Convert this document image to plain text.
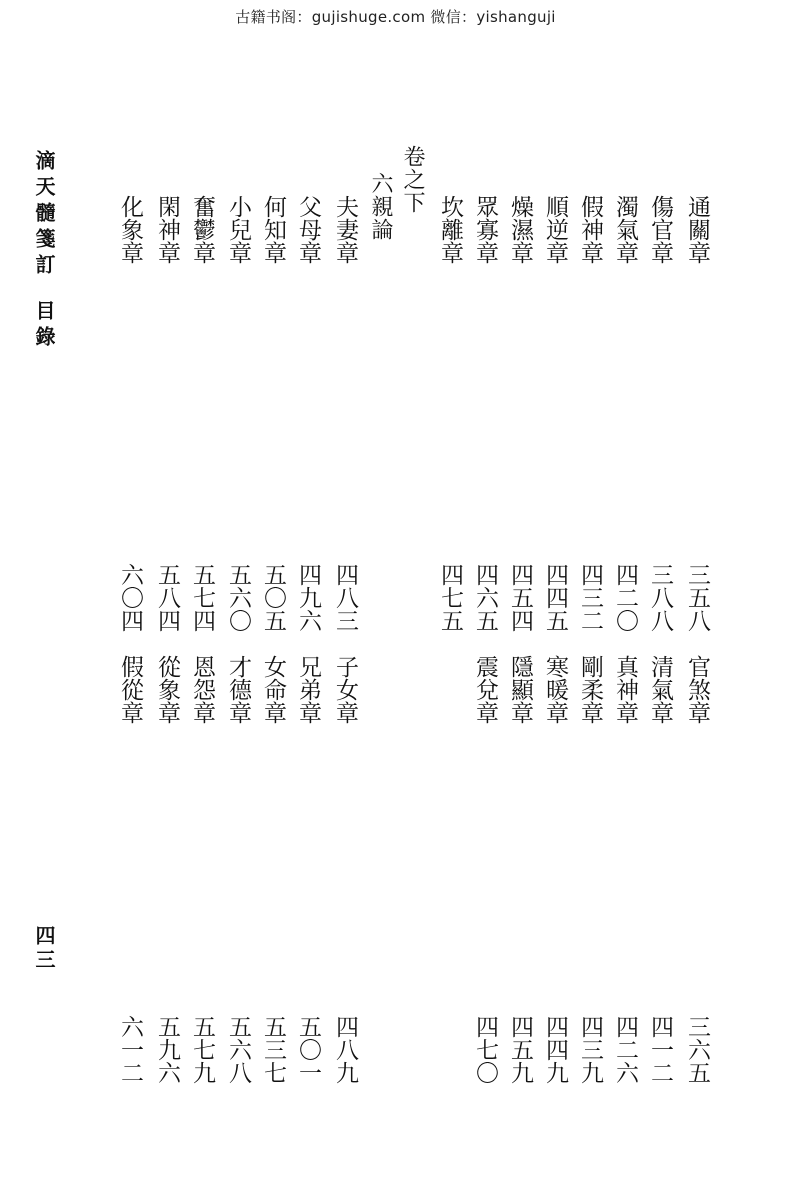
古籍书阁：gujishuge.com 微信：yishanguji
滴天髓箋訂
目錄
四三
卷之下
六親論	通關章
傷官章
濁氣章
假神章
順逆章
燥濕章
眾寡章
坎離章
夫妻章
父母章
何知章
小兒章
奮鬱章
閑神章
化象章
三五八
三八八
四二〇
四三二
四四五
四五四
四六五
四七五
四八三
四九六
五〇五
五六〇
五七四
五八四
六〇四
官煞章
清氣章
真神章
剛柔章
寒暖章
隱顯章
震兌章
子女章
兄弟章
女命章
才德章
恩怨章
從象章
假從章
三六五
四一二
四二六
四三九
四四九
四五九
四七〇
四八九
五〇一
五三七
五六八
五七九
五九六
六一二
